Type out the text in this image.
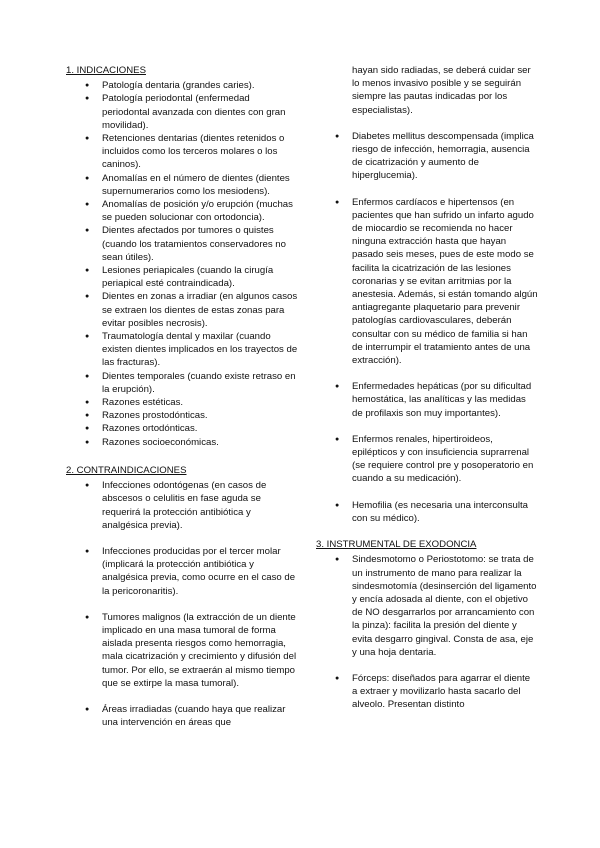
1. INDICACIONES
● Patología dentaria (grandes caries).
● Patología periodontal (enfermedad periodontal avanzada con dientes con gran movilidad).
● Retenciones dentarias (dientes retenidos o incluidos como los terceros molares o los caninos).
● Anomalías en el número de dientes (dientes supernumerarios como los mesiodens).
● Anomalías de posición y/o erupción (muchas se pueden solucionar con ortodoncia).
● Dientes afectados por tumores o quistes (cuando los tratamientos conservadores no sean útiles).
● Lesiones periapicales (cuando la cirugía periapical esté contraindicada).
● Dientes en zonas a irradiar (en algunos casos se extraen los dientes de estas zonas para evitar posibles necrosis).
● Traumatología dental y maxilar (cuando existen dientes implicados en los trayectos de las fracturas).
● Dientes temporales (cuando existe retraso en la erupción).
● Razones estéticas.
● Razones prostodónticas.
● Razones ortodónticas.
● Razones socioeconómicas.
2. CONTRAINDICACIONES
● Infecciones odontógenas (en casos de abscesos o celulitis en fase aguda se requerirá la protección antibiótica y analgésica previa).
● Infecciones producidas por el tercer molar (implicará la protección antibiótica y analgésica previa, como ocurre en el caso de la pericoronaritis).
● Tumores malignos (la extracción de un diente implicado en una masa tumoral de forma aislada presenta riesgos como hemorragia, mala cicatrización y crecimiento y difusión del tumor. Por ello, se extraerán al mismo tiempo que se extirpe la masa tumoral).
● Áreas irradiadas (cuando haya que realizar una intervención en áreas que
hayan sido radiadas, se deberá cuidar ser lo menos invasivo posible y se seguirán siempre las pautas indicadas por los especialistas).
● Diabetes mellitus descompensada (implica riesgo de infección, hemorragia, ausencia de cicatrización y aumento de hiperglucemia).
● Enfermos cardíacos e hipertensos (en pacientes que han sufrido un infarto agudo de miocardio se recomienda no hacer ninguna extracción hasta que hayan pasado seis meses, pues de este modo se facilita la cicatrización de las lesiones coronarias y se evitan arritmias por la anestesia. Además, si están tomando algún antiagregante plaquetario para prevenir patologías cardiovasculares, deberán consultar con su médico de familia si han de interrumpir el tratamiento antes de una extracción).
● Enfermedades hepáticas (por su dificultad hemostática, las analíticas y las medidas de profilaxis son muy importantes).
● Enfermos renales, hipertiroideos, epilépticos y con insuficiencia suprarrenal (se requiere control pre y posoperatorio en cuando a su medicación).
● Hemofilia (es necesaria una interconsulta con su médico).
3. INSTRUMENTAL DE EXODONCIA
● Sindesmotomo o Periostotomo: se trata de un instrumento de mano para realizar la sindesmotomía (desinserción del ligamento y encía adosada al diente, con el objetivo de NO desgarrarlos por arrancamiento con la pinza): facilita la presión del diente y evita desgarro gingival. Consta de asa, eje y una hoja dentaria.
● Fórceps: diseñados para agarrar el diente a extraer y movilizarlo hasta sacarlo del alveolo. Presentan distinto
